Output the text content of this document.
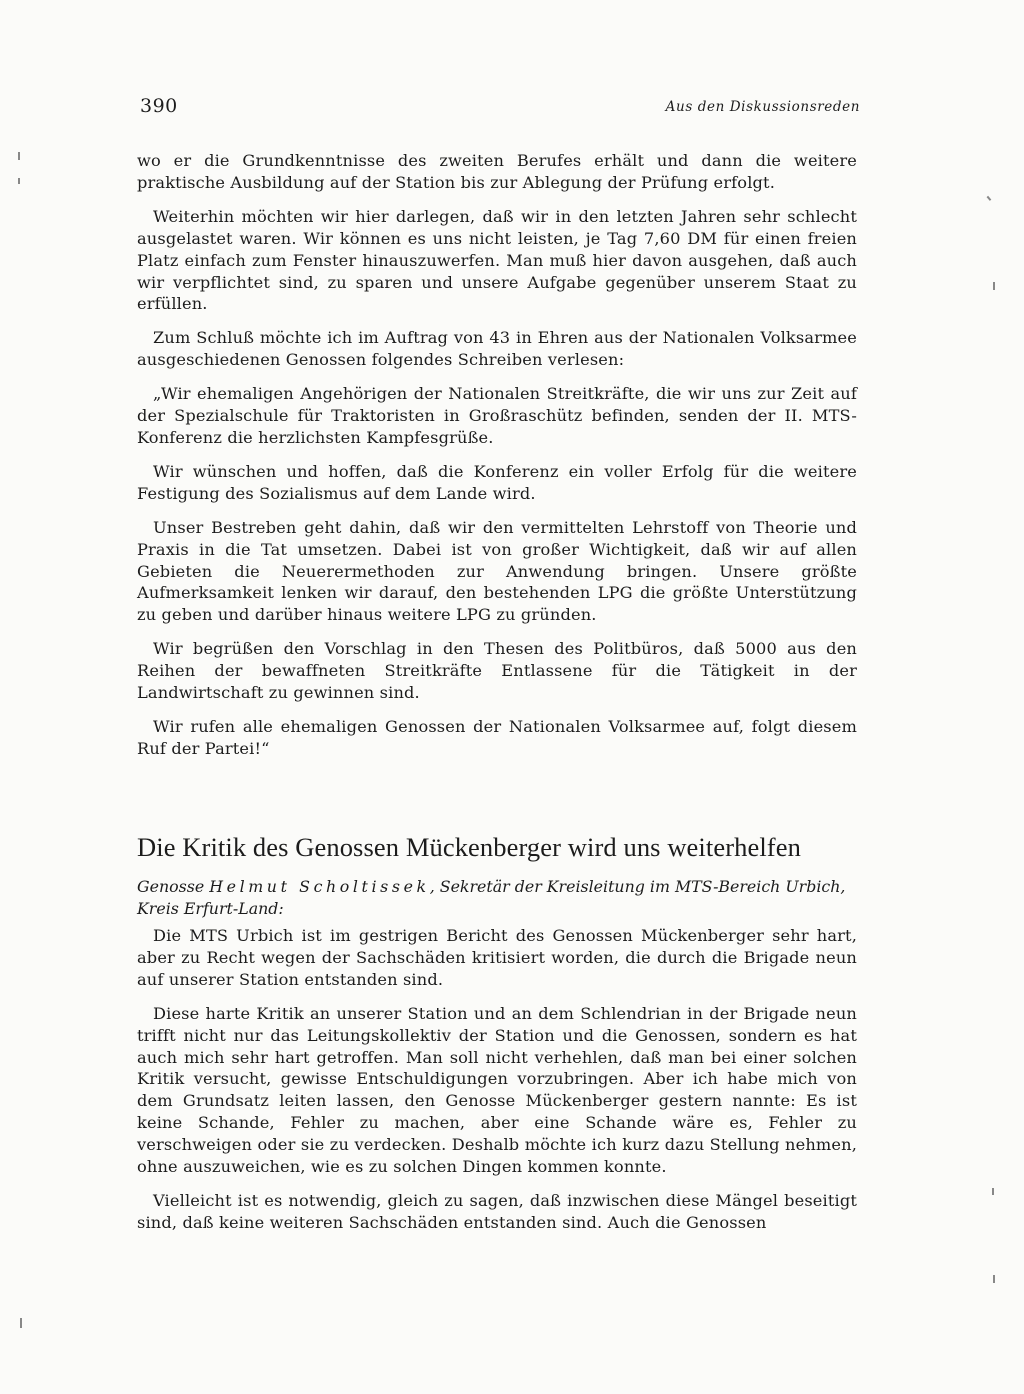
390	Aus den Diskussionsreden

wo er die Grundkenntnisse des zweiten Berufes erhält und dann die weitere praktische Ausbildung auf der Station bis zur Ablegung der Prüfung erfolgt.

Weiterhin möchten wir hier darlegen, daß wir in den letzten Jahren sehr schlecht ausgelastet waren. Wir können es uns nicht leisten, je Tag 7,60 DM für einen freien Platz einfach zum Fenster hinauszuwerfen. Man muß hier davon ausgehen, daß auch wir verpflichtet sind, zu sparen und unsere Aufgabe gegenüber unserem Staat zu erfüllen.

Zum Schluß möchte ich im Auftrag von 43 in Ehren aus der Nationalen Volksarmee ausgeschiedenen Genossen folgendes Schreiben verlesen:

„Wir ehemaligen Angehörigen der Nationalen Streitkräfte, die wir uns zur Zeit auf der Spezialschule für Traktoristen in Großraschütz befinden, senden der II. MTS-Konferenz die herzlichsten Kampfesgrüße.

Wir wünschen und hoffen, daß die Konferenz ein voller Erfolg für die weitere Festigung des Sozialismus auf dem Lande wird.

Unser Bestreben geht dahin, daß wir den vermittelten Lehrstoff von Theorie und Praxis in die Tat umsetzen. Dabei ist von großer Wichtigkeit, daß wir auf allen Gebieten die Neuerermethoden zur Anwendung bringen. Unsere größte Aufmerksamkeit lenken wir darauf, den bestehenden LPG die größte Unterstützung zu geben und darüber hinaus weitere LPG zu gründen.

Wir begrüßen den Vorschlag in den Thesen des Politbüros, daß 5000 aus den Reihen der bewaffneten Streitkräfte Entlassene für die Tätigkeit in der Landwirtschaft zu gewinnen sind.

Wir rufen alle ehemaligen Genossen der Nationalen Volksarmee auf, folgt diesem Ruf der Partei!“

Die Kritik des Genossen Mückenberger wird uns weiterhelfen
Genosse Helmut Scholtissek, Sekretär der Kreisleitung im MTS-Bereich Urbich, Kreis Erfurt-Land:

Die MTS Urbich ist im gestrigen Bericht des Genossen Mückenberger sehr hart, aber zu Recht wegen der Sachschäden kritisiert worden, die durch die Brigade neun auf unserer Station entstanden sind.

Diese harte Kritik an unserer Station und an dem Schlendrian in der Brigade neun trifft nicht nur das Leitungskollektiv der Station und die Genossen, sondern es hat auch mich sehr hart getroffen. Man soll nicht verhehlen, daß man bei einer solchen Kritik versucht, gewisse Entschuldigungen vorzubringen. Aber ich habe mich von dem Grundsatz leiten lassen, den Genosse Mückenberger gestern nannte: Es ist keine Schande, Fehler zu machen, aber eine Schande wäre es, Fehler zu verschweigen oder sie zu verdecken. Deshalb möchte ich kurz dazu Stellung nehmen, ohne auszuweichen, wie es zu solchen Dingen kommen konnte.

Vielleicht ist es notwendig, gleich zu sagen, daß inzwischen diese Mängel beseitigt sind, daß keine weiteren Sachschäden entstanden sind. Auch die Genossen
